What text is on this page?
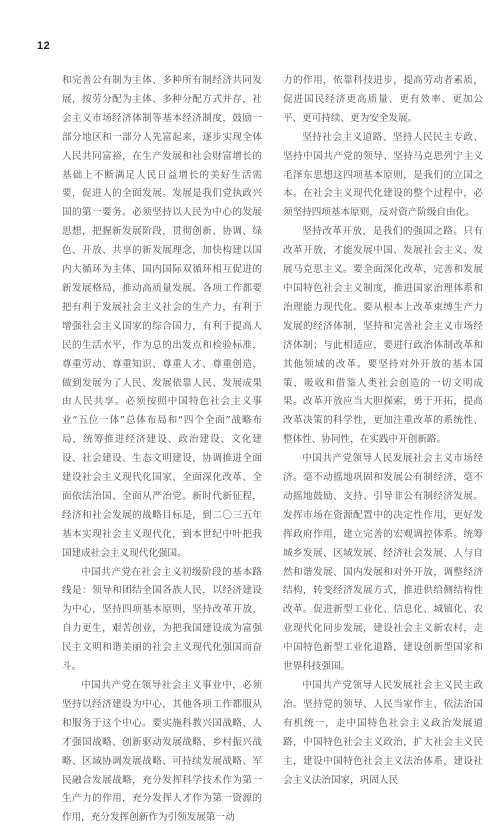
12

和完善公有制为主体、多种所有制经济共同发展，按劳分配为主体、多种分配方式并存，社会主义市场经济体制等基本经济制度，鼓励一部分地区和一部分人先富起来，逐步实现全体人民共同富裕，在生产发展和社会财富增长的基础上不断满足人民日益增长的美好生活需要，促进人的全面发展。发展是我们党执政兴国的第一要务。必须坚持以人民为中心的发展思想，把握新发展阶段，贯彻创新、协调、绿色、开放、共享的新发展理念，加快构建以国内大循环为主体、国内国际双循环相互促进的新发展格局，推动高质量发展。各项工作都要把有利于发展社会主义社会的生产力，有利于增强社会主义国家的综合国力，有利于提高人民的生活水平，作为总的出发点和检验标准，尊重劳动、尊重知识、尊重人才、尊重创造，做到发展为了人民、发展依靠人民、发展成果由人民共享。必须按照中国特色社会主义事业“五位一体”总体布局和“四个全面”战略布局，统筹推进经济建设、政治建设、文化建设、社会建设、生态文明建设，协调推进全面建设社会主义现代化国家、全面深化改革、全面依法治国、全面从严治党。新时代新征程，经济和社会发展的战略目标是，到二〇三五年基本实现社会主义现代化，到本世纪中叶把我国建成社会主义现代化强国。

中国共产党在社会主义初级阶段的基本路线是：领导和团结全国各族人民，以经济建设为中心，坚持四项基本原则，坚持改革开放，自力更生，艰苦创业，为把我国建设成为富强民主文明和谐美丽的社会主义现代化强国而奋斗。

中国共产党在领导社会主义事业中，必须坚持以经济建设为中心，其他各项工作都服从和服务于这个中心。要实施科教兴国战略、人才强国战略、创新驱动发展战略、乡村振兴战略、区域协调发展战略、可持续发展战略、军民融合发展战略，充分发挥科学技术作为第一生产力的作用，充分发挥人才作为第一资源的作用，充分发挥创新作为引领发展第一动

力的作用，依靠科技进步，提高劳动者素质，促进国民经济更高质量、更有效率、更加公平、更可持续、更为安全发展。

坚持社会主义道路、坚持人民民主专政、坚持中国共产党的领导、坚持马克思列宁主义毛泽东思想这四项基本原则，是我们的立国之本。在社会主义现代化建设的整个过程中，必须坚持四项基本原则，反对资产阶级自由化。

坚持改革开放，是我们的强国之路。只有改革开放，才能发展中国、发展社会主义、发展马克思主义。要全面深化改革，完善和发展中国特色社会主义制度，推进国家治理体系和治理能力现代化。要从根本上改革束缚生产力发展的经济体制，坚持和完善社会主义市场经济体制；与此相适应，要进行政治体制改革和其他领域的改革。要坚持对外开放的基本国策，吸收和借鉴人类社会创造的一切文明成果。改革开放应当大胆探索，勇于开拓，提高改革决策的科学性，更加注重改革的系统性、整体性、协同性，在实践中开创新路。

中国共产党领导人民发展社会主义市场经济。毫不动摇地巩固和发展公有制经济，毫不动摇地鼓励、支持、引导非公有制经济发展。发挥市场在资源配置中的决定性作用，更好发挥政府作用，建立完善的宏观调控体系。统筹城乡发展、区域发展、经济社会发展、人与自然和谐发展、国内发展和对外开放，调整经济结构，转变经济发展方式，推进供给侧结构性改革。促进新型工业化、信息化、城镇化、农业现代化同步发展，建设社会主义新农村，走中国特色新型工业化道路，建设创新型国家和世界科技强国。

中国共产党领导人民发展社会主义民主政治。坚持党的领导、人民当家作主、依法治国有机统一，走中国特色社会主义政治发展道路，中国特色社会主义政治，扩大社会主义民主，建设中国特色社会主义法治体系，建设社会主义法治国家，巩固人民
